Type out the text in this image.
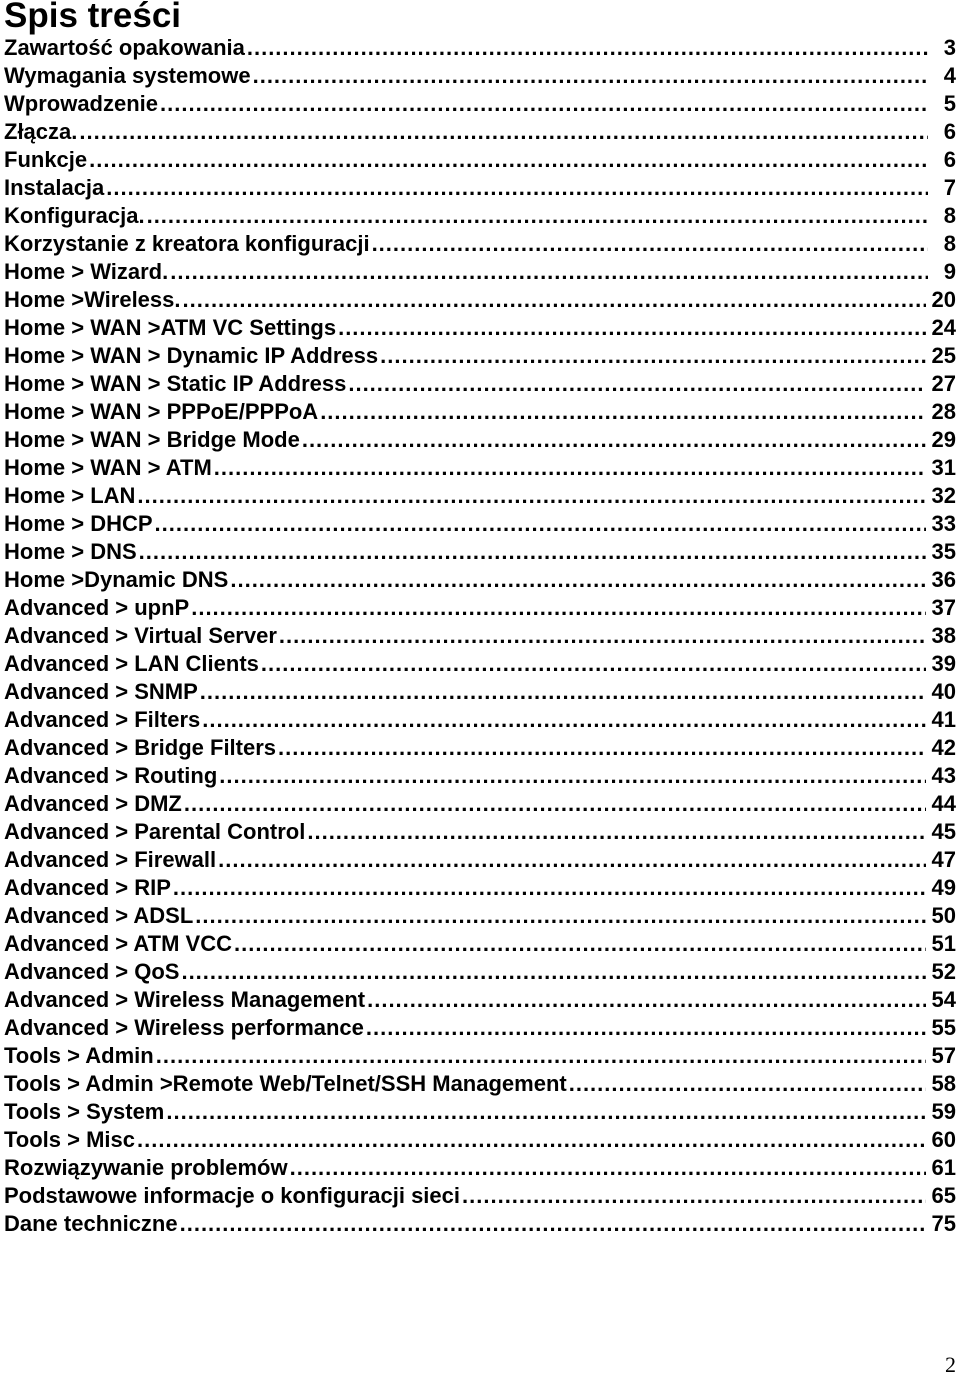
Spis treści
Zawartość opakowania .....	3
Wymagania systemowe .....	4
Wprowadzenie .....	5
Złącza. .....	6
Funkcje .....	6
Instalacja .....	7
Konfiguracja. .....	8
Korzystanie z kreatora konfiguracji .....	8
Home > Wizard. .....	9
Home >Wireless. .....	20
Home > WAN >ATM VC Settings .....	24
Home > WAN > Dynamic IP Address .....	25
Home > WAN > Static IP Address .....	27
Home > WAN > PPPoE/PPPoA .....	28
Home > WAN > Bridge Mode .....	29
Home > WAN > ATM .....	31
Home > LAN .....	32
Home > DHCP .....	33
Home > DNS .....	35
Home >Dynamic DNS .....	36
Advanced > upnP .....	37
Advanced > Virtual Server .....	38
Advanced > LAN Clients .....	39
Advanced > SNMP .....	40
Advanced > Filters .....	41
Advanced > Bridge Filters .....	42
Advanced > Routing .....	43
Advanced > DMZ .....	44
Advanced > Parental Control .....	45
Advanced > Firewall .....	47
Advanced > RIP .....	49
Advanced > ADSL .....	50
Advanced > ATM VCC .....	51
Advanced > QoS .....	52
Advanced > Wireless Management .....	54
Advanced > Wireless performance .....	55
Tools > Admin .....	57
Tools > Admin >Remote Web/Telnet/SSH Management .....	58
Tools > System .....	59
Tools > Misc .....	60
Rozwiązywanie problemów .....	61
Podstawowe informacje o konfiguracji sieci .....	65
Dane techniczne .....	75
2
